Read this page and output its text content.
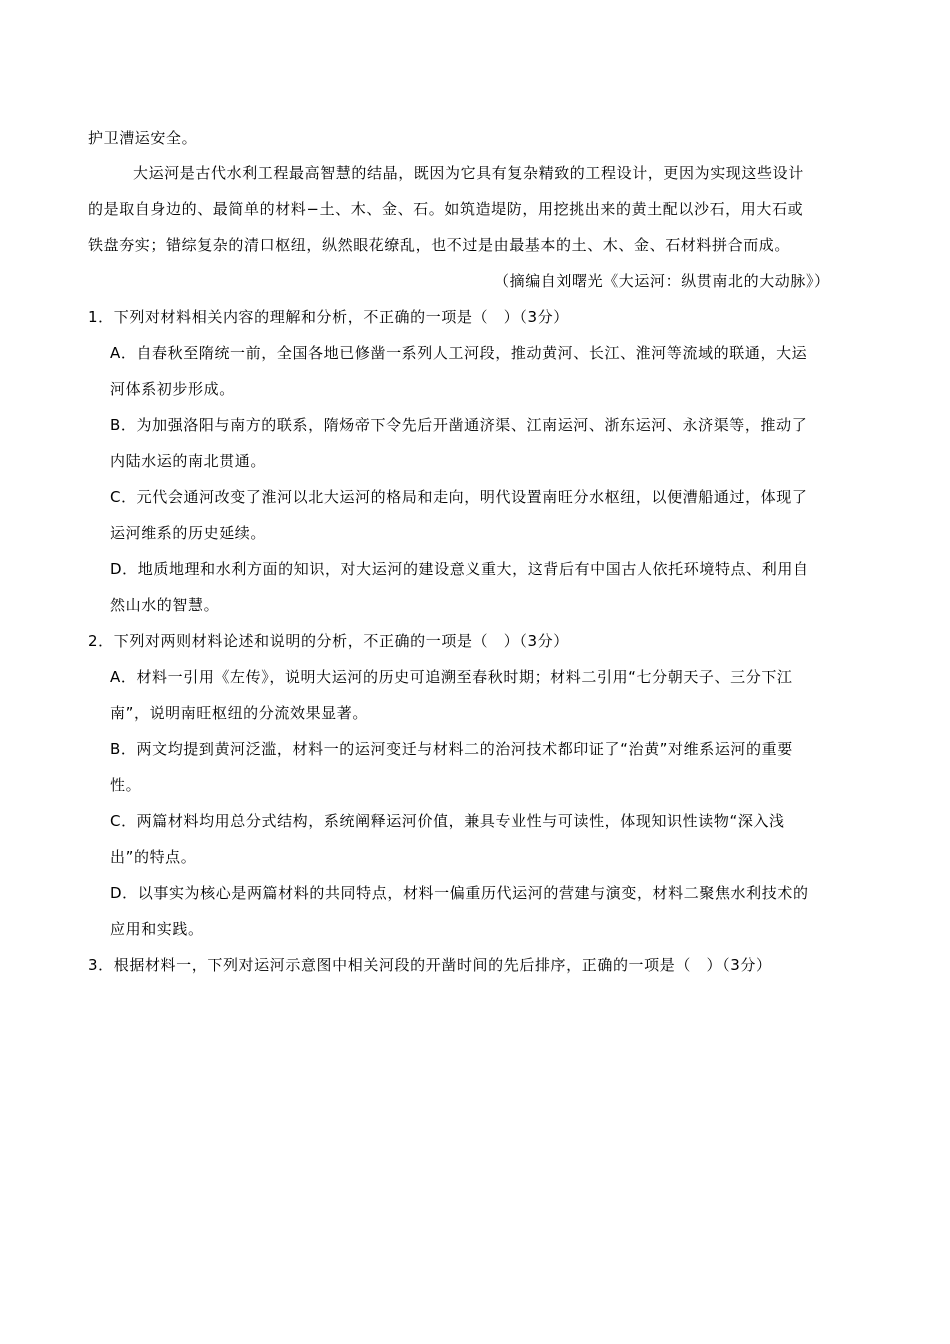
护卫漕运安全。
大运河是古代水利工程最高智慧的结晶，既因为它具有复杂精致的工程设计，更因为实现这些设计
的是取自身边的、最简单的材料−土、木、金、石。如筑造堤防，用挖挑出来的黄土配以沙石，用大石或
铁盘夯实；错综复杂的清口枢纽，纵然眼花缭乱，也不过是由最基本的土、木、金、石材料拼合而成。
（摘编自刘曙光《大运河：纵贯南北的大动脉》）
1．下列对材料相关内容的理解和分析，不正确的一项是（　）（3分）
A．自春秋至隋统一前，全国各地已修凿一系列人工河段，推动黄河、长江、淮河等流域的联通，大运
河体系初步形成。
B．为加强洛阳与南方的联系，隋炀帝下令先后开凿通济渠、江南运河、浙东运河、永济渠等，推动了
内陆水运的南北贯通。
C．元代会通河改变了淮河以北大运河的格局和走向，明代设置南旺分水枢纽，以便漕船通过，体现了
运河维系的历史延续。
D．地质地理和水利方面的知识，对大运河的建设意义重大，这背后有中国古人依托环境特点、利用自
然山水的智慧。
2．下列对两则材料论述和说明的分析，不正确的一项是（　）（3分）
A．材料一引用《左传》，说明大运河的历史可追溯至春秋时期；材料二引用“七分朝天子、三分下江
南”，说明南旺枢纽的分流效果显著。
B．两文均提到黄河泛滥，材料一的运河变迁与材料二的治河技术都印证了“治黄”对维系运河的重要
性。
C．两篇材料均用总分式结构，系统阐释运河价值，兼具专业性与可读性，体现知识性读物“深入浅
出”的特点。
D．以事实为核心是两篇材料的共同特点，材料一偏重历代运河的营建与演变，材料二聚焦水利技术的
应用和实践。
3．根据材料一，下列对运河示意图中相关河段的开凿时间的先后排序，正确的一项是（　）（3分）
